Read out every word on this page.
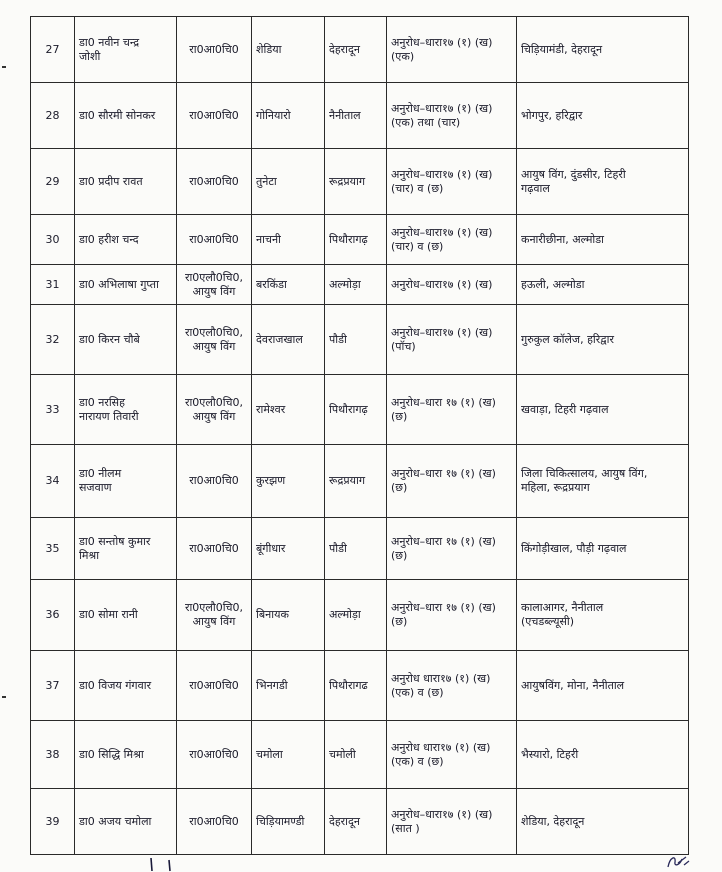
27	डा0 नवीन चन्द्र
जोशी	रा0आ0चि0	शेडिया	देहरादून	अनुरोध–धारा१७ (१) (ख)
(एक)	चिड़ियामंडी, देहरादून
28	डा0 सौरमी सोनकर	रा0आ0चि0	गोनियारो	नैनीताल	अनुरोध–धारा१७ (१) (ख)
(एक) तथा (चार)	भोगपुर, हरिद्वार
29	डा0 प्रदीप रावत	रा0आ0चि0	तुनेटा	रूद्रप्रयाग	अनुरोध–धारा१७ (१) (ख)
(चार) व (छ)	आयुष विंग, दुंडसीर, टिहरी
गढ़वाल
30	डा0 हरीश चन्द	रा0आ0चि0	नाचनी	पिथौरागढ़	अनुरोध–धारा१७ (१) (ख)
(चार) व (छ)	कनारीछीना, अल्मोडा
31	डा0 अभिलाषा गुप्ता	रा0एलौ0चि0,
आयुष विंग	बरकिंडा	अल्मोड़ा	अनुरोध–धारा१७ (१) (ख)	हऊली, अल्मोडा
32	डा0 किरन चौबे	रा0एलौ0चि0,
आयुष विंग	देवराजखाल	पौडी	अनुरोध–धारा१७ (१) (ख)
(पॉच)	गुरुकुल कॉलेज, हरिद्वार
33	डा0 नरसिह
नारायण तिवारी	रा0एलौ0चि0,
आयुष विंग	रामेश्वर	पिथौरागढ़	अनुरोध–धारा १७ (१) (ख)
(छ)	खवाड़ा, टिहरी गढ़वाल
34	डा0 नीलम
सजवाण	रा0आ0चि0	कुरझण	रूद्रप्रयाग	अनुरोध–धारा १७ (१) (ख)
(छ)	जिला चिकित्सालय, आयुष विंग,
महिला, रूद्रप्रयाग
35	डा0 सन्तोष कुमार
मिश्रा	रा0आ0चि0	बूंगीधार	पौडी	अनुरोध–धारा १७ (१) (ख)
(छ)	किंगोड़ीखाल, पौड़ी गढ़वाल
36	डा0 सोमा रानी	रा0एलौ0चि0,
आयुष विंग	बिनायक	अल्मोड़ा	अनुरोध–धारा १७ (१) (ख)
(छ)	कालाआगर, नैनीताल
(एचडब्ल्यूसी)
37	डा0 विजय गंगवार	रा0आ0चि0	भिनगडी	पिथौरागढ	अनुरोध धारा१७ (१) (ख)
(एक) व (छ)	आयुषविंग, मोना, नैनीताल
38	डा0 सिद्धि मिश्रा	रा0आ0चि0	चमोला	चमोली	अनुरोध धारा१७ (१) (ख)
(एक) व (छ)	भैस्यारो, टिहरी
39	डा0 अजय चमोला	रा0आ0चि0	चिड़ियामण्डी	देहरादून	अनुरोध–धारा१७ (१) (ख)
(सात )	शेडिया, देहरादून
